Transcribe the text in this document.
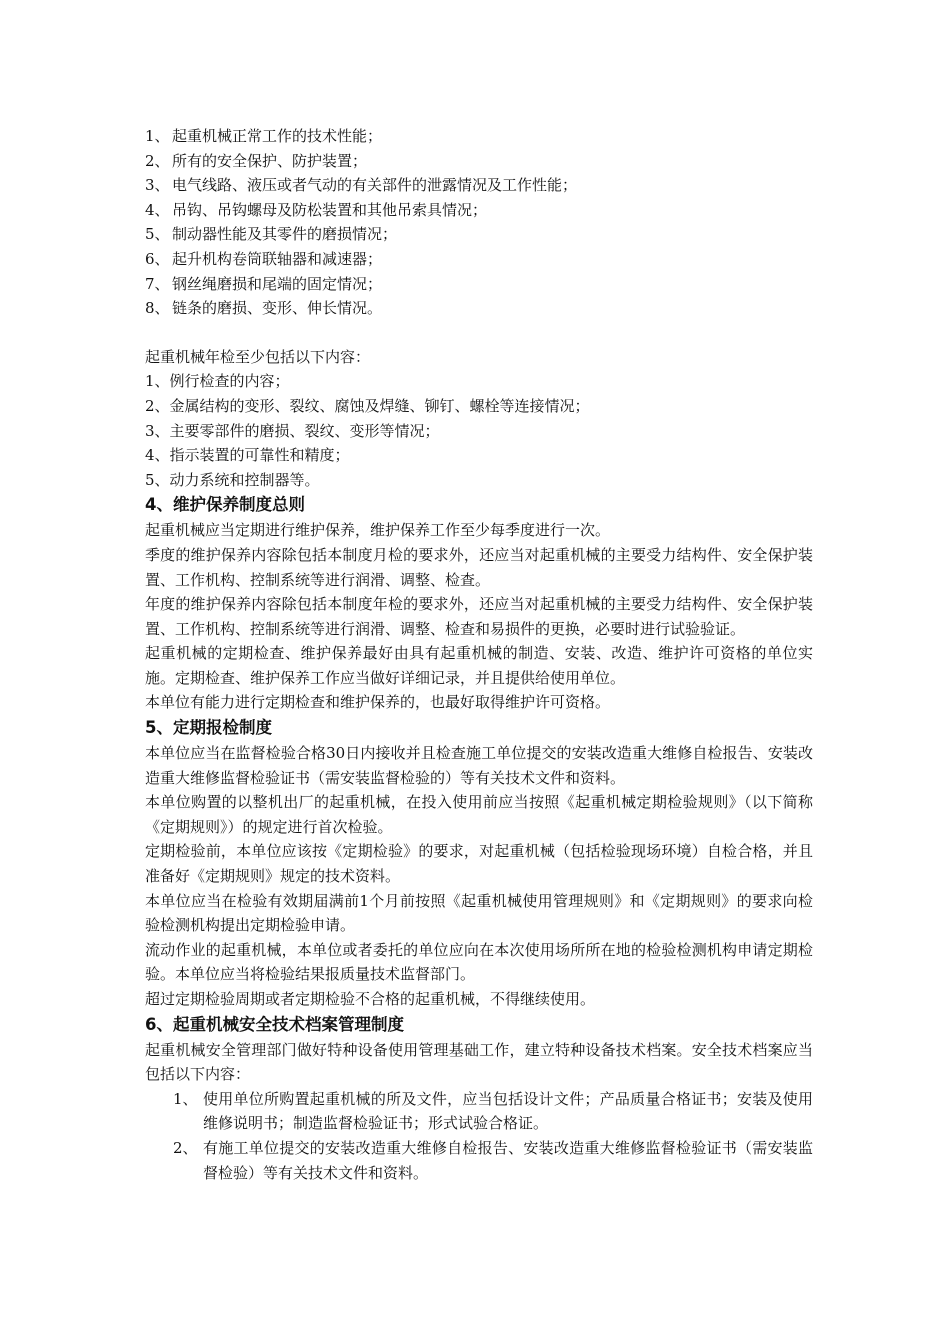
1、 起重机械正常工作的技术性能；
2、 所有的安全保护、防护装置；
3、 电气线路、液压或者气动的有关部件的泄露情况及工作性能；
4、 吊钩、吊钩螺母及防松装置和其他吊索具情况；
5、 制动器性能及其零件的磨损情况；
6、 起升机构卷筒联轴器和减速器；
7、 钢丝绳磨损和尾端的固定情况；
8、 链条的磨损、变形、伸长情况。
起重机械年检至少包括以下内容：
1、例行检查的内容；
2、金属结构的变形、裂纹、腐蚀及焊缝、铆钉、螺栓等连接情况；
3、主要零部件的磨损、裂纹、变形等情况；
4、指示装置的可靠性和精度；
5、动力系统和控制器等。
4、维护保养制度总则
起重机械应当定期进行维护保养，维护保养工作至少每季度进行一次。
季度的维护保养内容除包括本制度月检的要求外，还应当对起重机械的主要受力结构件、安全保护装置、工作机构、控制系统等进行润滑、调整、检查。
年度的维护保养内容除包括本制度年检的要求外，还应当对起重机械的主要受力结构件、安全保护装置、工作机构、控制系统等进行润滑、调整、检查和易损件的更换，必要时进行试验验证。
起重机械的定期检查、维护保养最好由具有起重机械的制造、安装、改造、维护许可资格的单位实施。定期检查、维护保养工作应当做好详细记录，并且提供给使用单位。
本单位有能力进行定期检查和维护保养的，也最好取得维护许可资格。
5、定期报检制度
本单位应当在监督检验合格30日内接收并且检查施工单位提交的安装改造重大维修自检报告、安装改造重大维修监督检验证书（需安装监督检验的）等有关技术文件和资料。
本单位购置的以整机出厂的起重机械，在投入使用前应当按照《起重机械定期检验规则》（以下简称《定期规则》）的规定进行首次检验。
定期检验前，本单位应该按《定期检验》的要求，对起重机械（包括检验现场环境）自检合格，并且准备好《定期规则》规定的技术资料。
本单位应当在检验有效期届满前1个月前按照《起重机械使用管理规则》和《定期规则》的要求向检验检测机构提出定期检验申请。
流动作业的起重机械，本单位或者委托的单位应向在本次使用场所所在地的检验检测机构申请定期检验。本单位应当将检验结果报质量技术监督部门。
超过定期检验周期或者定期检验不合格的起重机械，不得继续使用。
6、起重机械安全技术档案管理制度
起重机械安全管理部门做好特种设备使用管理基础工作，建立特种设备技术档案。安全技术档案应当包括以下内容：
1、 使用单位所购置起重机械的所及文件，应当包括设计文件；产品质量合格证书；安装及使用维修说明书；制造监督检验证书；形式试验合格证。
2、 有施工单位提交的安装改造重大维修自检报告、安装改造重大维修监督检验证书（需安装监督检验）等有关技术文件和资料。
